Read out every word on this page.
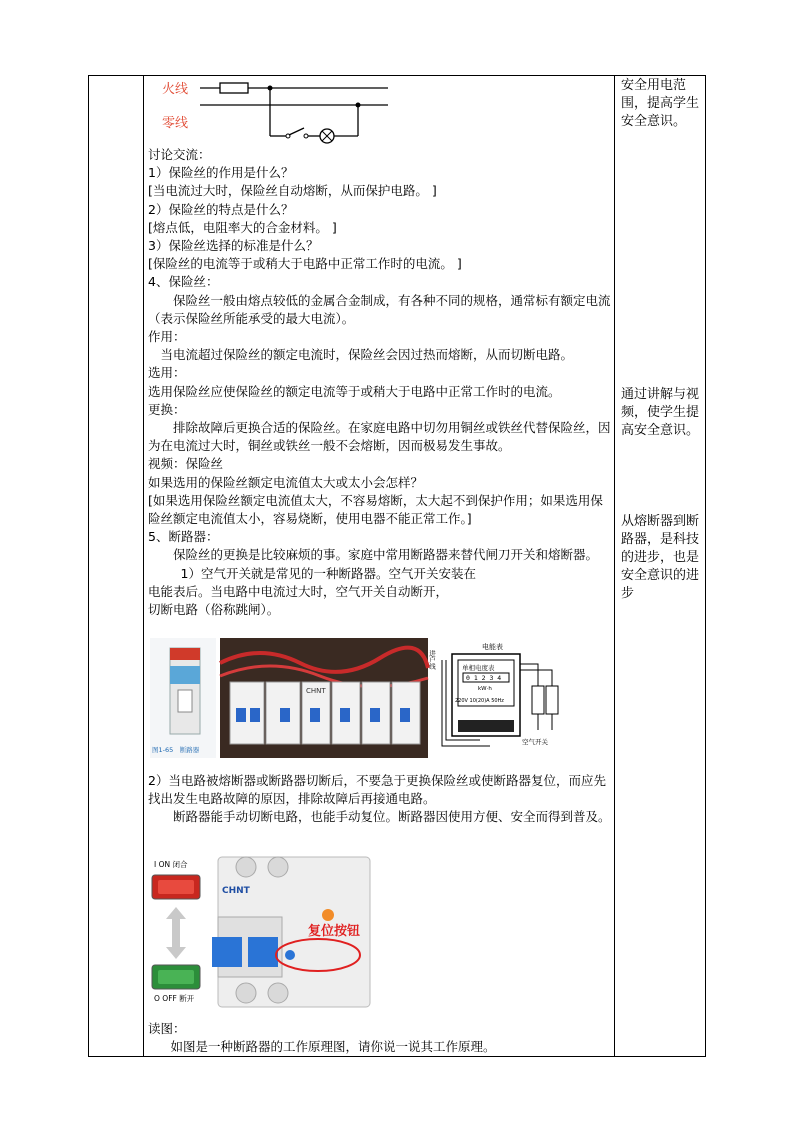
火线
零线

讨论交流：

1）保险丝的作用是什么？

[当电流过大时，保险丝自动熔断，从而保护电路。 ]

2）保险丝的特点是什么？

[熔点低，电阻率大的合金材料。 ]

3）保险丝选择的标准是什么？

[保险丝的电流等于或稍大于电路中正常工作时的电流。 ]

4、保险丝：

保险丝一般由熔点较低的金属合金制成，有各种不同的规格，通常标有额定电流（表示保险丝所能承受的最大电流）。

作用：

当电流超过保险丝的额定电流时，保险丝会因过热而熔断，从而切断电路。

选用：

选用保险丝应使保险丝的额定电流等于或稍大于电路中正常工作时的电流。

更换：

排除故障后更换合适的保险丝。在家庭电路中切勿用铜丝或铁丝代替保险丝，因为在电流过大时，铜丝或铁丝一般不会熔断，因而极易发生事故。

视频：保险丝

如果选用的保险丝额定电流值太大或太小会怎样？

[如果选用保险丝额定电流值太大，不容易熔断，太大起不到保护作用；如果选用保险丝额定电流值太小，容易烧断，使用电器不能正常工作。]

5、断路器：

保险丝的更换是比较麻烦的事。家庭中常用断路器来替代闸刀开关和熔断器。

1）空气开关就是常见的一种断路器。空气开关安装在

电能表后。当电路中电流过大时，空气开关自动断开，

切断电路（俗称跳闸）。

图1-65　断路器
CHNT
电能表
进户线	单相电度表
0 1 2 3 4
kW·h
220V 10(20)A 50Hz
空气开关

2）当电路被熔断器或断路器切断后，不要急于更换保险丝或使断路器复位，而应先找出发生电路故障的原因，排除故障后再接通电路。

断路器能手动切断电路，也能手动复位。断路器因使用方便、安全而得到普及。

I ON 闭合
O OFF 断开
CHNT
复位按钮

读图：

如图是一种断路器的工作原理图，请你说一说其工作原理。

安全用电范围，提高学生安全意识。
通过讲解与视频，使学生提高安全意识。
从熔断器到断路器，是科技的进步，也是安全意识的进步
